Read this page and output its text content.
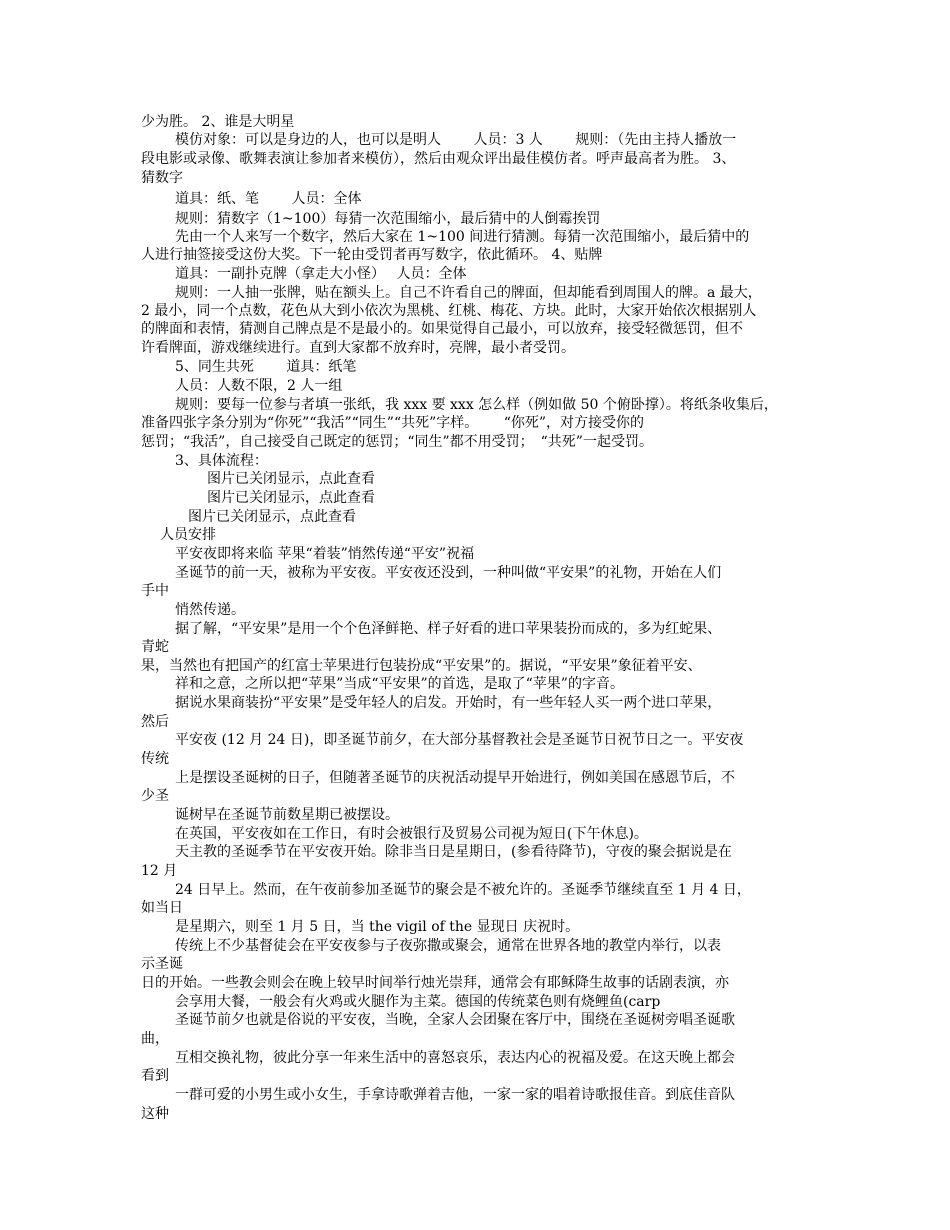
少为胜。 2、谁是大明星
模仿对象：可以是身边的人，也可以是明人　　 人员：3 人　　 规则：（先由主持人播放一
段电影或录像、歌舞表演让参加者来模仿），然后由观众评出最佳模仿者。呼声最高者为胜。 3、
猜数字
道具：纸、笔　　 人员：全体
规则：猜数字（1~100）每猜一次范围缩小，最后猜中的人倒霉挨罚
先由一个人来写一个数字，然后大家在 1~100 间进行猜测。每猜一次范围缩小，最后猜中的
人进行抽签接受这份大奖。下一轮由受罚者再写数字，依此循环。 4、贴牌
道具：一副扑克牌（拿走大小怪）　 人员：全体
规则：一人抽一张牌，贴在额头上。自己不许看自己的牌面，但却能看到周围人的牌。a 最大，
2 最小，同一个点数，花色从大到小依次为黑桃、红桃、梅花、方块。此时，大家开始依次根据别人
的牌面和表情，猜测自己牌点是不是最小的。如果觉得自己最小，可以放弃，接受轻微惩罚，但不
许看牌面，游戏继续进行。直到大家都不放弃时，亮牌，最小者受罚。
5、同生共死　　 道具：纸笔
人员：人数不限，2 人一组
规则：要每一位参与者填一张纸，我 xxx 要 xxx 怎么样（例如做 50 个俯卧撑）。将纸条收集后，
准备四张字条分别为“你死”“我活”“同生”“共死”字样。　　 “你死”，对方接受你的
惩罚；“我活”，自己接受自己既定的惩罚；“同生”都不用受罚；　“共死”一起受罚。
3、具体流程：
图片已关闭显示，点此查看
图片已关闭显示，点此查看
图片已关闭显示，点此查看
人员安排
平安夜即将来临 苹果“着装”悄然传递“平安”祝福
圣诞节的前一天，被称为平安夜。平安夜还没到，一种叫做“平安果”的礼物，开始在人们
手中
悄然传递。
据了解，“平安果”是用一个个色泽鲜艳、样子好看的进口苹果装扮而成的，多为红蛇果、
青蛇
果，当然也有把国产的红富士苹果进行包装扮成“平安果”的。据说，“平安果”象征着平安、
祥和之意，之所以把“苹果”当成“平安果”的首选，是取了“苹果”的字音。
据说水果商装扮“平安果”是受年轻人的启发。开始时，有一些年轻人买一两个进口苹果，
然后
平安夜 (12 月 24 日)，即圣诞节前夕，在大部分基督教社会是圣诞节日祝节日之一。平安夜
传统
上是摆设圣诞树的日子，但随著圣诞节的庆祝活动提早开始进行，例如美国在感恩节后，不
少圣
诞树早在圣诞节前数星期已被摆设。
在英国，平安夜如在工作日，有时会被银行及贸易公司视为短日(下午休息)。
天主教的圣诞季节在平安夜开始。除非当日是星期日，(参看待降节)，守夜的聚会据说是在
12 月
24 日早上。然而，在午夜前参加圣诞节的聚会是不被允许的。圣诞季节继续直至 1 月 4 日，
如当日
是星期六，则至 1 月 5 日，当 the vigil of the 显现日 庆祝时。
传统上不少基督徒会在平安夜参与子夜弥撒或聚会，通常在世界各地的教堂内举行，以表
示圣诞
日的开始。一些教会则会在晚上较早时间举行烛光崇拜，通常会有耶稣降生故事的话剧表演，亦
会享用大餐，一般会有火鸡或火腿作为主菜。德国的传统菜色则有烧鲤鱼(carp
圣诞节前夕也就是俗说的平安夜，当晚，全家人会团聚在客厅中，围绕在圣诞树旁唱圣诞歌
曲，
互相交换礼物，彼此分享一年来生活中的喜怒哀乐，表达内心的祝福及爱。在这天晚上都会
看到
一群可爱的小男生或小女生，手拿诗歌弹着吉他，一家一家的唱着诗歌报佳音。到底佳音队
这种
